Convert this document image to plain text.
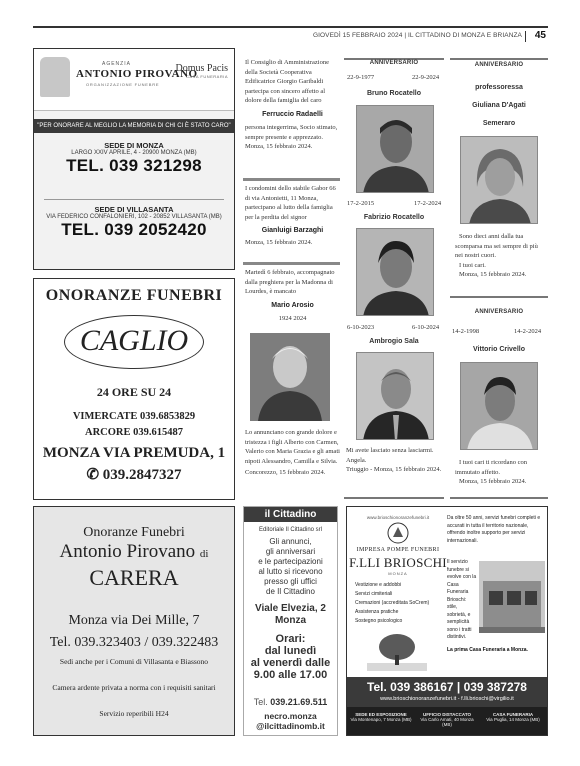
GIOVEDÌ 15 FEBBRAIO 2024 | IL CITTADINO DI MONZA E BRIANZA 45
AGENZIA
ANTONIO PIROVANO
ORGANIZZAZIONE FUNEBRE
Domus Pacis
CASA FUNERARIA
"PER ONORARE AL MEGLIO LA MEMORIA DI CHI CI È STATO CARO"
SEDE DI MONZA
LARGO XXIV APRILE, 4 - 20900 MONZA (MB)
TEL. 039 321298
SEDE DI VILLASANTA
VIA FEDERICO CONFALONIERI, 102 - 20852 VILLASANTA (MB)
TEL. 039 2052420
ONORANZE FUNEBRI
CAGLIO
24 ORE SU 24
VIMERCATE 039.6853829
ARCORE 039.615487
MONZA VIA PREMUDA, 1
✆ 039.2847327
Onoranze Funebri
Antonio Pirovano di
CARERA
Monza via Dei Mille, 7
Tel. 039.323403 / 039.322483
Sedi anche per i Comuni di Villasanta e Biassono
Camera ardente privata a norma con i requisiti sanitari
Servizio reperibili H24

Il Consiglio di Amministrazione della Società Cooperativa Edificatrice Giorgio Garibaldi partecipa con sincero affetto al dolore della famiglia del caro

Ferruccio Radaelli

persona integerrima, Socio stimato, sempre presente e apprezzato.

Monza, 15 febbraio 2024.

I condomini dello stabile Gabor 66 di via Antonietti, 11 Monza, partecipano al lutto della famiglia per la perdita del signor

Gianluigi Barzaghi

Monza, 15 febbraio 2024.

Martedì 6 febbraio, accompagnato dalla preghiera per la Madonna di Lourdes, è mancato

Mario Arosio

1924 2024

Lo annunciano con grande dolore e tristezza i figli Alberto con Carmen, Valerio con Maria Grazia e gli amati nipoti Alessandro, Camilla e Silvia.

Concorezzo, 15 febbraio 2024.

il Cittadino
Editoriale Il Cittadino srl
Gli annunci,
gli anniversari
e le partecipazioni
al lutto si ricevono
presso gli uffici
de Il Cittadino
Viale Elvezia, 2
Monza
Orari:
dal lunedì
al venerdì dalle
9.00 alle 17.00
Tel. 039.21.69.511
necro.monza
@ilcittadinomb.it
ANNIVERSARIO
22-9-1977	22-9-2024
Bruno Rocatello
17-2-2015	17-2-2024
Fabrizio Rocatello
6-10-2023	6-10-2024
Ambrogio Sala

Mi avete lasciato senza lasciarmi.

Angela.

Triuggio - Monza, 15 febbraio 2024.

ANNIVERSARIO
professoressa
Giuliana D'Agati
Semeraro

Sono dieci anni dalla tua scomparsa ma sei sempre di più nei nostri cuori.

I tuoi cari.

Monza, 15 febbraio 2024.

ANNIVERSARIO
14-2-1998	14-2-2024
Vittorio Crivello

I tuoi cari ti ricordano con immutato affetto.

Monza, 15 febbraio 2024.

www.brioschionoranzefunebri.it
IMPRESA POMPE FUNEBRI
F.LLI BRIOSCHI
MONZA
Vestizione e addobbi
Servizi cimiteriali
Cremazioni (accreditata SoCrem)
Assistenza pratiche
Sostegno psicologico
Da oltre 50 anni, servizi funebri completi e accurati in tutta il territorio nazionale, offrendo inoltre supporto per servizi internazionali.
Il servizio funebre si evolve con la Casa Funeraria Brioschi: stile, sobrietà, e semplicità sono i tratti distintivi.
La prima Casa Funeraria a Monza.
Tel. 039 386167 | 039 387278
www.brioschionoranzefunebri.it - f.lli.brioschi@virgilio.it
SEDE ED ESPOSIZIONE
Via Montenapo, 7 Monza (MB)
UFFICIO DISTACCATO
Via Carlo Amati, 40 Monza (MB)
CASA FUNERARIA
Via Puglia, 14 Monza (MB)
